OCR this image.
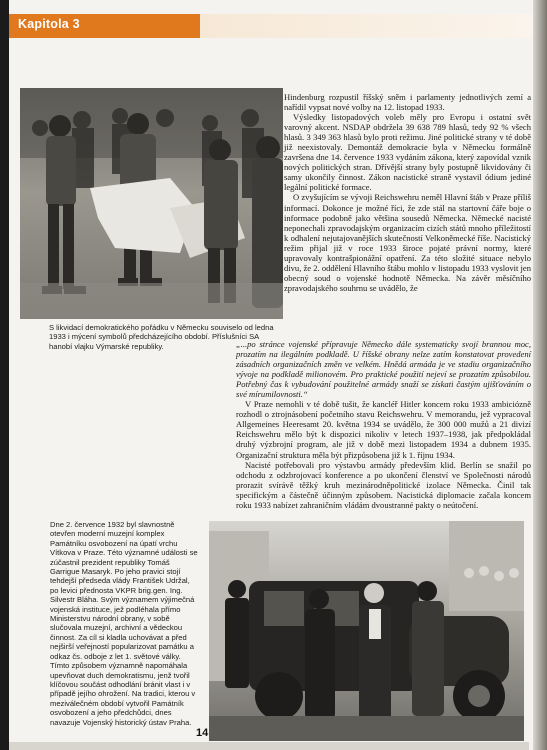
Kapitola 3
S likvidací demokratického pořádku v Německu souviselo od ledna 1933 i mýcení symbolů předcházejícího období. Příslušníci SA hanobí vlajku Výmarské republiky.

Hindenburg rozpustil říšský sněm i parlamenty jednotlivých zemí a nařídil vypsat nové volby na 12. listopad 1933.

Výsledky listopadových voleb měly pro Evropu i ostatní svět varovný akcent. NSDAP obdržela 39 638 789 hlasů, tedy 92 % všech hlasů. 3 349 363 hlasů bylo proti režimu. Jiné politické strany v té době již neexistovaly. Demontáž demokracie byla v Německu formálně završena dne 14. července 1933 vydáním zákona, který zapovídal vznik nových politických stran. Dřívější strany byly postupně likvidovány či samy ukončily činnost. Zákon nacistické straně vystavil ódium jediné legální politické formace.

O zvyšujícím se vývoji Reichswehru neměl Hlavní štáb v Praze příliš informací. Dokonce je možné říci, že zde stál na startovní čáře boje o informace podobně jako většina sousedů Německa. Německé nacisté neponechali zpravodajským organizacím cizích států mnoho příležitostí k odhalení nejutajovanějších skutečností Velkoněmecké říše. Nacistický režim přijal již v roce 1933 široce pojaté právní normy, které upravovaly kontrašpionážní opatření. Za této složité situace nebylo divu, že 2. oddělení Hlavního štábu mohlo v listopadu 1933 vyslovit jen obecný soud o vojenské hodnotě Německa. Na závěr měsíčního zpravodajského souhrnu se uvádělo, že

„...po stránce vojenské přípravuje Německo dále systematicky svojí brannou moc, prozatím na ilegálním podkladě. U říšské obrany nelze zatím konstatovat provedení zásadních organizačních změn ve velkém. Hnědá armáda je ve stadiu organizačního vývoje na podkladě milionovém. Pro praktické použití nejeví se prozatím způsobilou. Potřebný čas k vybudování použitelné armády snaží se získati častým ujišťováním o své mírumilovnosti.“

V Praze nemohli v té době tušit, že kancléř Hitler koncem roku 1933 ambiciózně rozhodl o ztrojnásobení početního stavu Reichswehru. V memorandu, jež vypracoval Allgemeines Heeresamt 20. května 1934 se uvádělo, že 300 000 mužů a 21 divizí Reichswehru mělo být k dispozici nikoliv v letech 1937–1938, jak předpokládal druhý výzbrojní program, ale již v době mezi listopadem 1934 a dubnem 1935. Organizační struktura měla být přizpůsobena již k 1. říjnu 1934.

Nacisté potřebovali pro výstavbu armády především klid. Berlín se snažil po odchodu z odzbrojovací konference a po ukončení členství ve Společnosti národů prorazit svírávě těžký kruh mezinárodněpolitické izolace Německa. Činil tak specifickým a částečně účinným způsobem. Nacistická diplomacie začala koncem roku 1933 nabízet zahraničním vládám dvoustranné pakty o neútočení.

Dne 2. července 1932 byl slavnostně otevřen moderní muzejní komplex Památníku osvobození na úpatí vrchu Vítkova v Praze. Této významné události se zúčastnil prezident republiky Tomáš Garrigue Masaryk. Po jeho pravici stojí tehdejší předseda vlády František Udržal, po levici přednosta VKPR brig.gen. Ing. Silvestr Bláha. Svým významem výjimečná vojenská instituce, jež podléhala přímo Ministerstvu národní obrany, v sobě slučovala muzejní, archivní a vědeckou činnost. Za cíl si kladla uchovávat a před nejširší veřejností popularizovat památku a odkaz čs. odboje z let 1. světové války. Tímto způsobem významně napomáhala upevňovat duch demokratismu, jenž tvořil klíčovou součást odhodlání bránit vlast i v případě jejího ohrožení. Na tradici, kterou v meziválečném období vytvořil Památník osvobození a jeho předchůdci, dnes navazuje Vojenský historický ústav Praha.
14
